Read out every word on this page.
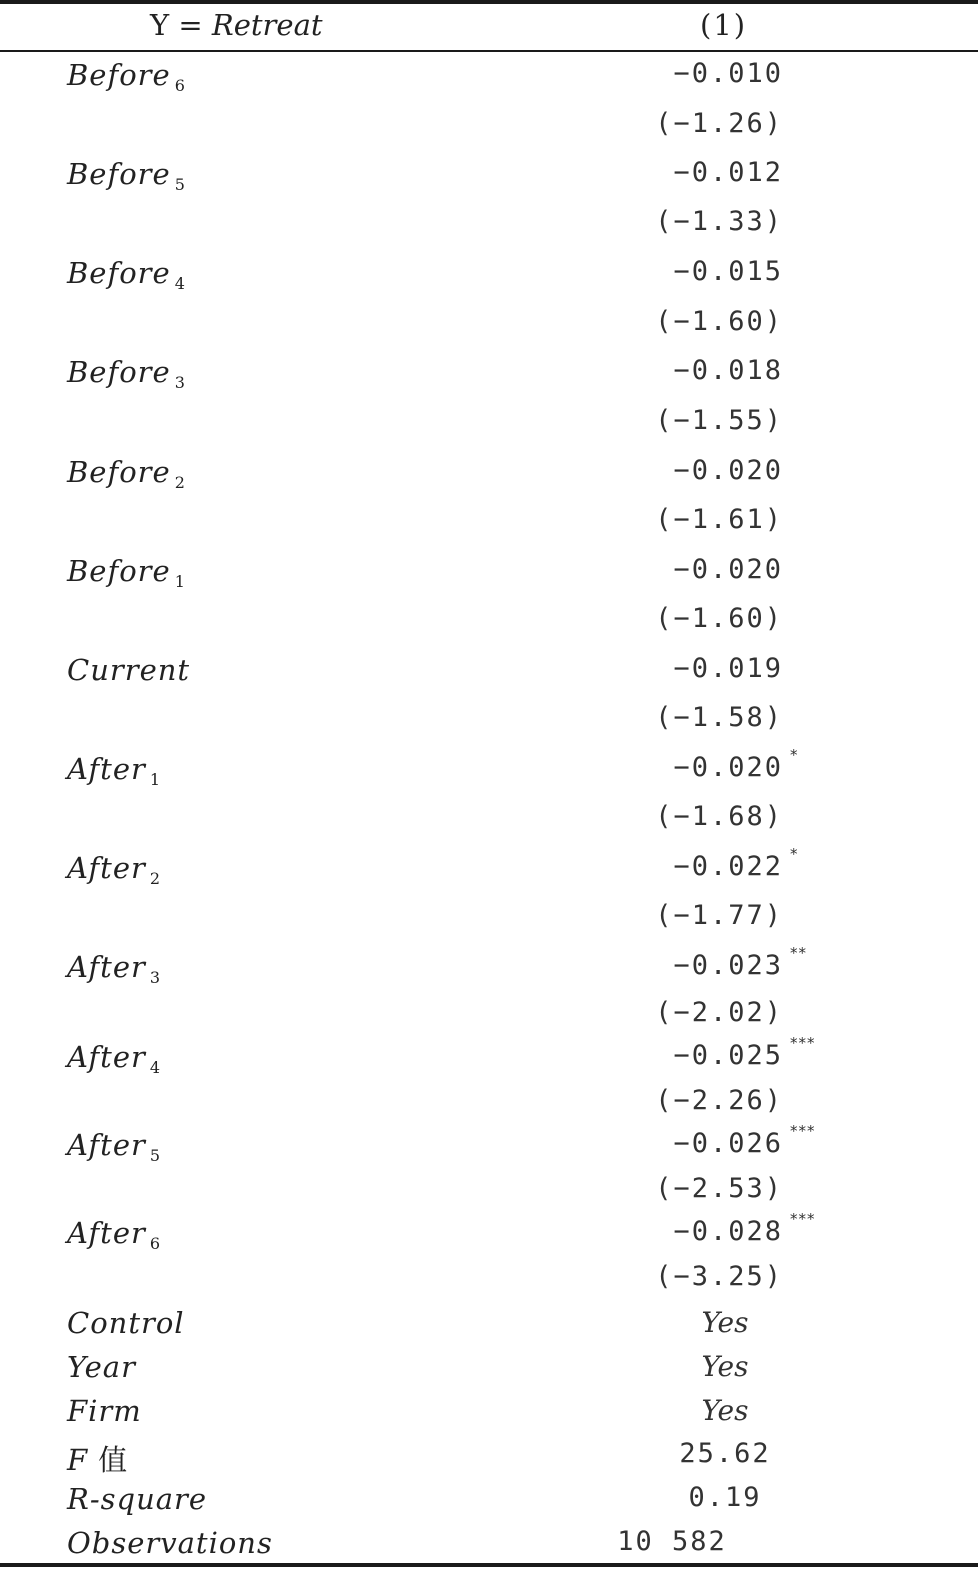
Y = Retreat	(1)
Before $_6$	−0.010
(−1.26)
Before $_5$	−0.012
(−1.33)
Before $_4$	−0.015
(−1.60)
Before $_3$	−0.018
(−1.55)
Before $_2$	−0.020
(−1.61)
Before $_1$	−0.020
(−1.60)
Current	−0.019
(−1.58)
After $_1$	−0.020 *
(−1.68)
After $_2$	−0.022 *
(−1.77)
After $_3$	−0.023 **
(−2.02)
After $_4$	−0.025 ***
(−2.26)
After $_5$	−0.026 ***
(−2.53)
After $_6$	−0.028 ***
(−3.25)
Control	Yes
Year	Yes
Firm	Yes
F 值	25.62
R-square	0.19
Observations	10 582
